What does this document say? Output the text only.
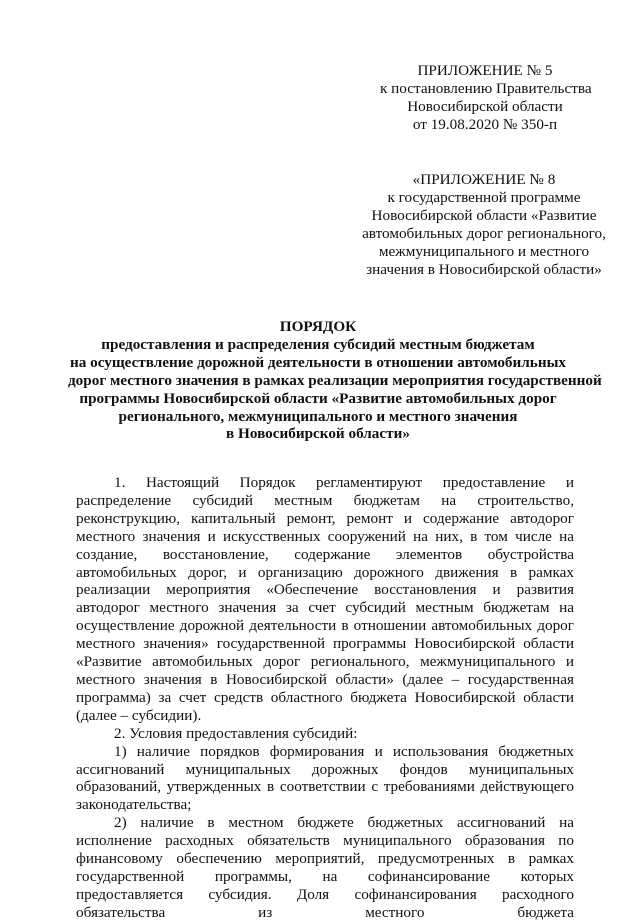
ПРИЛОЖЕНИЕ № 5
к постановлению Правительства
Новосибирской области
от 19.08.2020 № 350-п
«ПРИЛОЖЕНИЕ № 8
к государственной программе
Новосибирской области «Развитие
автомобильных дорог регионального,
межмуниципального и местного
значения в Новосибирской области»
ПОРЯДОК
предоставления и распределения субсидий местным бюджетам
на осуществление дорожной деятельности в отношении автомобильных
дорог местного значения в рамках реализации мероприятия государственной
программы Новосибирской области «Развитие автомобильных дорог
регионального, межмуниципального и местного значения
в Новосибирской области»

1. Настоящий Порядок регламентируют предоставление и распределение субсидий местным бюджетам на строительство, реконструкцию, капитальный ремонт, ремонт и содержание автодорог местного значения и искусственных сооружений на них, в том числе на создание, восстановление, содержание элементов обустройства автомобильных дорог, и организацию дорожного движения в рамках реализации мероприятия «Обеспечение восстановления и развития автодорог местного значения за счет субсидий местным бюджетам на осуществление дорожной деятельности в отношении автомобильных дорог местного значения» государственной программы Новосибирской области «Развитие автомобильных дорог регионального, межмуниципального и местного значения в Новосибирской области» (далее – государственная программа) за счет средств областного бюджета Новосибирской области (далее – субсидии).

2. Условия предоставления субсидий:

1) наличие порядков формирования и использования бюджетных ассигнований муниципальных дорожных фондов муниципальных образований, утвержденных в соответствии с требованиями действующего законодательства;

2) наличие в местном бюджете бюджетных ассигнований на исполнение расходных обязательств муниципального образования по финансовому обеспечению мероприятий, предусмотренных в рамках государственной программы, на софинансирование которых предоставляется субсидия. Доля софинансирования расходного обязательства из местного бюджета
